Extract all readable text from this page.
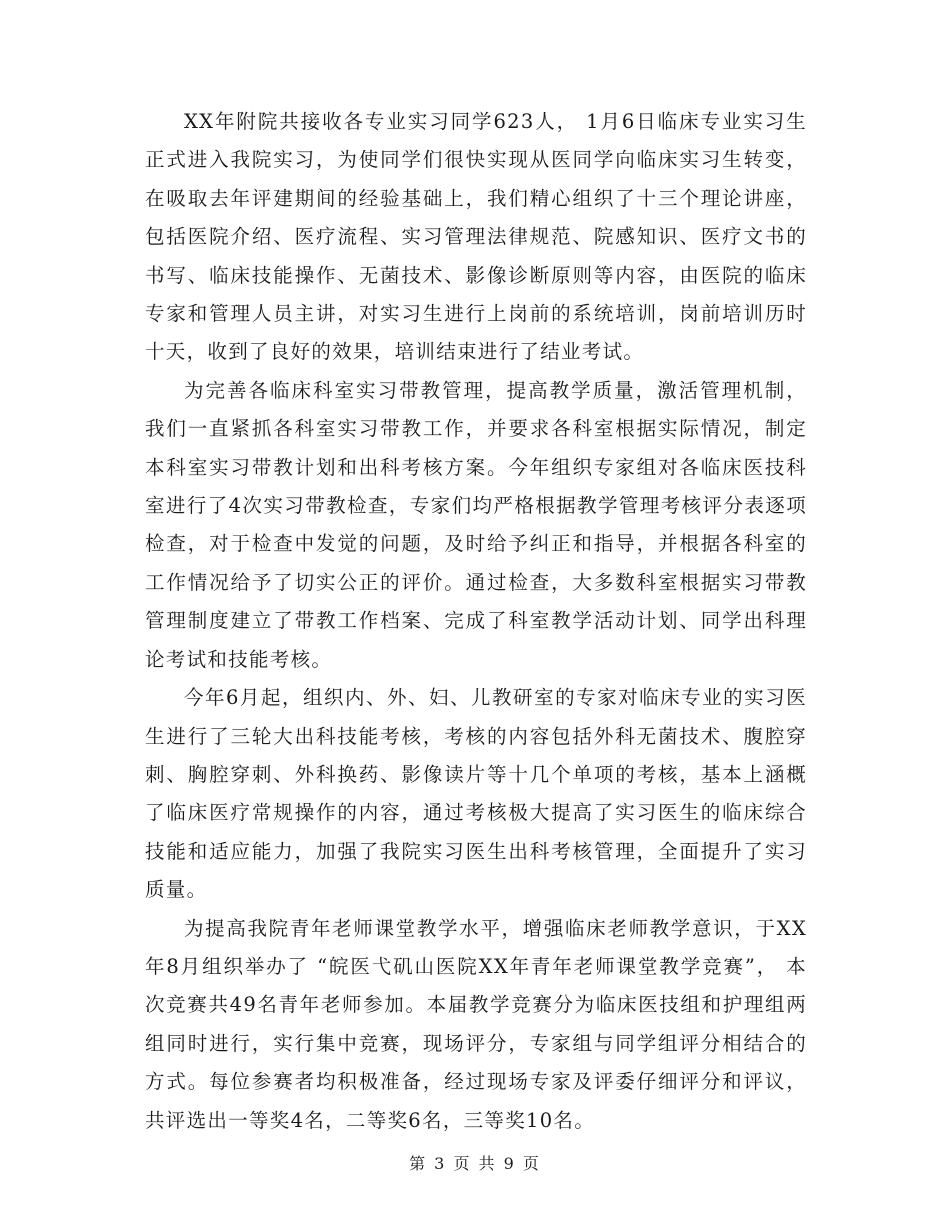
XX年附院共接收各专业实习同学623人， 1月6日临床专业实习生正式进入我院实习，为使同学们很快实现从医同学向临床实习生转变，在吸取去年评建期间的经验基础上，我们精心组织了十三个理论讲座，包括医院介绍、医疗流程、实习管理法律规范、院感知识、医疗文书的书写、临床技能操作、无菌技术、影像诊断原则等内容，由医院的临床专家和管理人员主讲，对实习生进行上岗前的系统培训，岗前培训历时十天，收到了良好的效果，培训结束进行了结业考试。

为完善各临床科室实习带教管理，提高教学质量，激活管理机制，我们一直紧抓各科室实习带教工作，并要求各科室根据实际情况，制定本科室实习带教计划和出科考核方案。今年组织专家组对各临床医技科室进行了4次实习带教检查，专家们均严格根据教学管理考核评分表逐项检查，对于检查中发觉的问题，及时给予纠正和指导，并根据各科室的工作情况给予了切实公正的评价。通过检查，大多数科室根据实习带教管理制度建立了带教工作档案、完成了科室教学活动计划、同学出科理论考试和技能考核。

今年6月起，组织内、外、妇、儿教研室的专家对临床专业的实习医生进行了三轮大出科技能考核，考核的内容包括外科无菌技术、腹腔穿刺、胸腔穿刺、外科换药、影像读片等十几个单项的考核，基本上涵概了临床医疗常规操作的内容，通过考核极大提高了实习医生的临床综合技能和适应能力，加强了我院实习医生出科考核管理，全面提升了实习质量。

为提高我院青年老师课堂教学水平，增强临床老师教学意识，于XX年8月组织举办了 “皖医弋矶山医院XX年青年老师课堂教学竞赛”， 本次竞赛共49名青年老师参加。本届教学竞赛分为临床医技组和护理组两组同时进行，实行集中竞赛，现场评分，专家组与同学组评分相结合的方式。每位参赛者均积极准备，经过现场专家及评委仔细评分和评议，共评选出一等奖4名，二等奖6名，三等奖10名。

第 3 页 共 9 页
